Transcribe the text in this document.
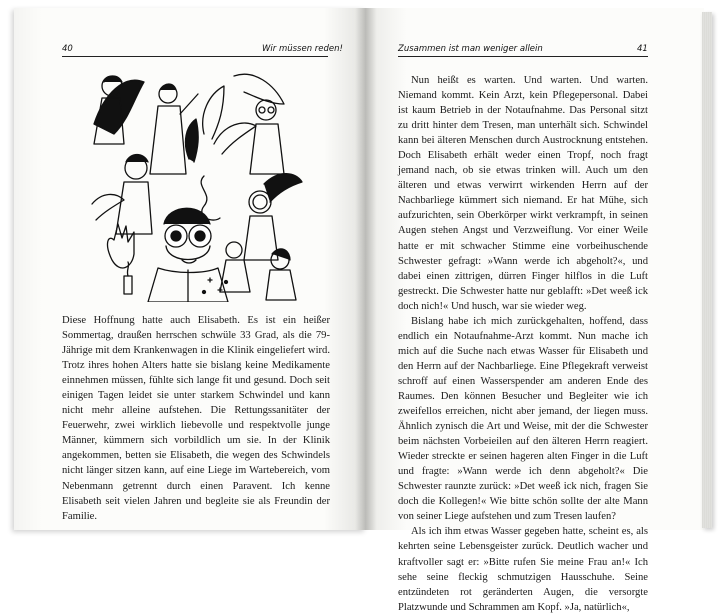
40	Wir müssen reden!	Zusammen ist man weniger allein	41

Diese Hoffnung hatte auch Elisabeth. Es ist ein heißer Sommertag, draußen herrschen schwüle 33 Grad, als die 79-Jährige mit dem Krankenwagen in die Klinik eingeliefert wird. Trotz ihres hohen Alters hatte sie bislang keine Medikamente einnehmen müssen, fühlte sich lange fit und gesund. Doch seit einigen Tagen leidet sie unter starkem Schwindel und kann nicht mehr alleine aufstehen. Die Rettungssanitäter der Feuerwehr, zwei wirklich liebevolle und respektvolle junge Männer, kümmern sich vorbildlich um sie. In der Klinik angekommen, betten sie Elisabeth, die wegen des Schwindels nicht länger sitzen kann, auf eine Liege im Wartebereich, vom Nebenmann getrennt durch einen Paravent. Ich kenne Elisabeth seit vielen Jahren und begleite sie als Freundin der Familie.

Nun heißt es warten. Und warten. Und warten. Niemand kommt. Kein Arzt, kein Pflegepersonal. Dabei ist kaum Betrieb in der Notaufnahme. Das Personal sitzt zu dritt hinter dem Tresen, man unterhält sich. Schwindel kann bei älteren Menschen durch Austrocknung entstehen. Doch Elisabeth erhält weder einen Tropf, noch fragt jemand nach, ob sie etwas trinken will. Auch um den älteren und etwas verwirrt wirkenden Herrn auf der Nachbarliege kümmert sich niemand. Er hat Mühe, sich aufzurichten, sein Oberkörper wirkt verkrampft, in seinen Augen stehen Angst und Verzweiflung. Vor einer Weile hatte er mit schwacher Stimme eine vorbeihuschende Schwester gefragt: »Wann werde ich abgeholt?«, und dabei einen zittrigen, dürren Finger hilflos in die Luft gestreckt. Die Schwester hatte nur geblafft: »Det weeß ick doch nich!« Und husch, war sie wieder weg.

Bislang habe ich mich zurückgehalten, hoffend, dass endlich ein Notaufnahme-Arzt kommt. Nun mache ich mich auf die Suche nach etwas Wasser für Elisabeth und den Herrn auf der Nachbarliege. Eine Pflegekraft verweist schroff auf einen Wasserspender am anderen Ende des Raumes. Den können Besucher und Begleiter wie ich zweifellos erreichen, nicht aber jemand, der liegen muss. Ähnlich zynisch die Art und Weise, mit der die Schwester beim nächsten Vorbeieilen auf den älteren Herrn reagiert. Wieder streckte er seinen hageren alten Finger in die Luft und fragte: »Wann werde ich denn abgeholt?« Die Schwester raunzte zurück: »Det weeß ick nich, fragen Sie doch die Kollegen!« Wie bitte schön sollte der alte Mann von seiner Liege aufstehen und zum Tresen laufen?

Als ich ihm etwas Wasser gegeben hatte, scheint es, als kehrten seine Lebensgeister zurück. Deutlich wacher und kraftvoller sagt er: »Bitte rufen Sie meine Frau an!« Ich sehe seine fleckig schmutzigen Hausschuhe. Seine entzündeten rot geränderten Augen, die versorgte Platzwunde und Schrammen am Kopf. »Ja, natürlich«,
